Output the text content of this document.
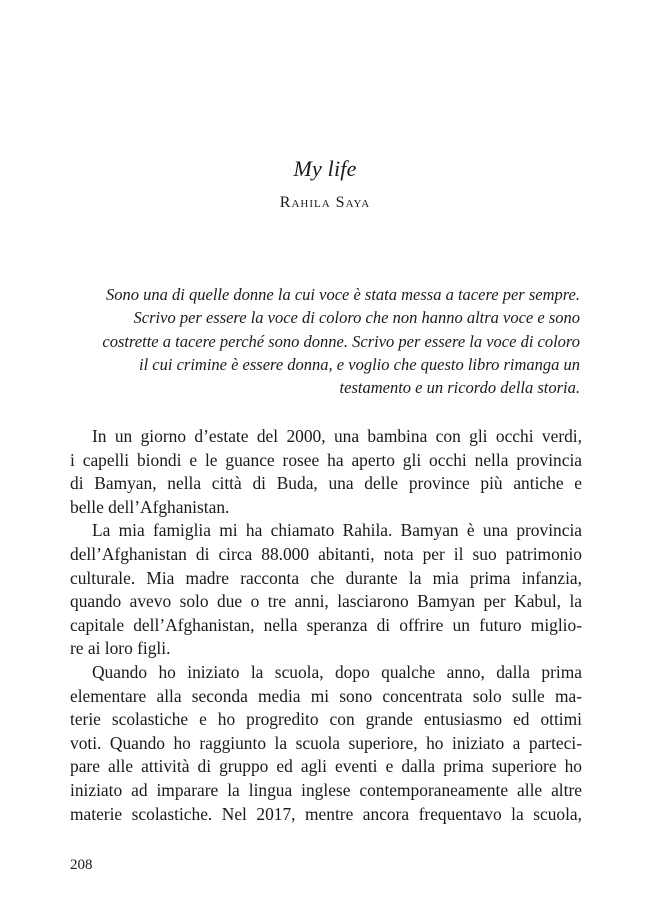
My life
Rahila Saya
Sono una di quelle donne la cui voce è stata messa a tacere per sempre.
Scrivo per essere la voce di coloro che non hanno altra voce e sono
costrette a tacere perché sono donne. Scrivo per essere la voce di coloro
il cui crimine è essere donna, e voglio che questo libro rimanga un
testamento e un ricordo della storia.
In un giorno d’estate del 2000, una bambina con gli occhi verdi,
i capelli biondi e le guance rosee ha aperto gli occhi nella provincia
di Bamyan, nella città di Buda, una delle province più antiche e
belle dell’Afghanistan.
La mia famiglia mi ha chiamato Rahila. Bamyan è una provincia
dell’Afghanistan di circa 88.000 abitanti, nota per il suo patrimonio
culturale. Mia madre racconta che durante la mia prima infanzia,
quando avevo solo due o tre anni, lasciarono Bamyan per Kabul, la
capitale dell’Afghanistan, nella speranza di offrire un futuro miglio-
re ai loro figli.
Quando ho iniziato la scuola, dopo qualche anno, dalla prima
elementare alla seconda media mi sono concentrata solo sulle ma-
terie scolastiche e ho progredito con grande entusiasmo ed ottimi
voti. Quando ho raggiunto la scuola superiore, ho iniziato a parteci-
pare alle attività di gruppo ed agli eventi e dalla prima superiore ho
iniziato ad imparare la lingua inglese contemporaneamente alle altre
materie scolastiche. Nel 2017, mentre ancora frequentavo la scuola,
208
